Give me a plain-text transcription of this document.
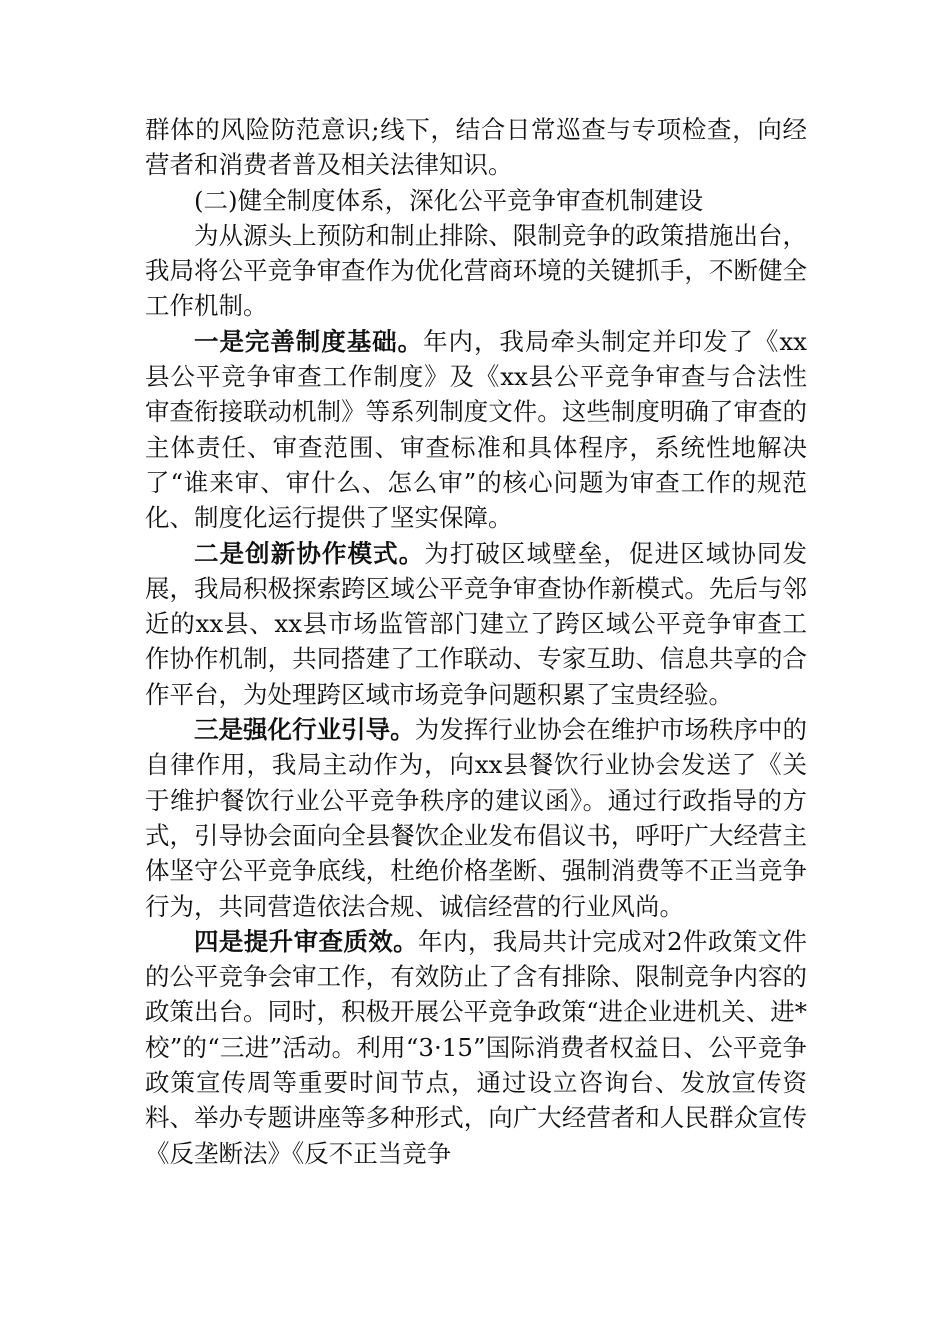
群体的风险防范意识;线下，结合日常巡查与专项检查，向经营者和消费者普及相关法律知识。

(二)健全制度体系，深化公平竞争审查机制建设

为从源头上预防和制止排除、限制竞争的政策措施出台，我局将公平竞争审查作为优化营商环境的关键抓手，不断健全工作机制。

一是完善制度基础。年内，我局牵头制定并印发了《xx县公平竞争审查工作制度》及《xx县公平竞争审查与合法性审查衔接联动机制》等系列制度文件。这些制度明确了审查的主体责任、审查范围、审查标准和具体程序，系统性地解决了“谁来审、审什么、怎么审”的核心问题为审查工作的规范化、制度化运行提供了坚实保障。

二是创新协作模式。为打破区域壁垒，促进区域协同发展，我局积极探索跨区域公平竞争审查协作新模式。先后与邻近的xx县、xx县市场监管部门建立了跨区域公平竞争审查工作协作机制，共同搭建了工作联动、专家互助、信息共享的合作平台，为处理跨区域市场竞争问题积累了宝贵经验。

三是强化行业引导。为发挥行业协会在维护市场秩序中的自律作用，我局主动作为，向xx县餐饮行业协会发送了《关于维护餐饮行业公平竞争秩序的建议函》。通过行政指导的方式，引导协会面向全县餐饮企业发布倡议书，呼吁广大经营主体坚守公平竞争底线，杜绝价格垄断、强制消费等不正当竞争行为，共同营造依法合规、诚信经营的行业风尚。

四是提升审查质效。年内，我局共计完成对2件政策文件的公平竞争会审工作，有效防止了含有排除、限制竞争内容的政策出台。同时，积极开展公平竞争政策“进企业进机关、进*校”的“三进”活动。利用“3·15”国际消费者权益日、公平竞争政策宣传周等重要时间节点，通过设立咨询台、发放宣传资料、举办专题讲座等多种形式，向广大经营者和人民群众宣传《反垄断法》《反不正当竞争
